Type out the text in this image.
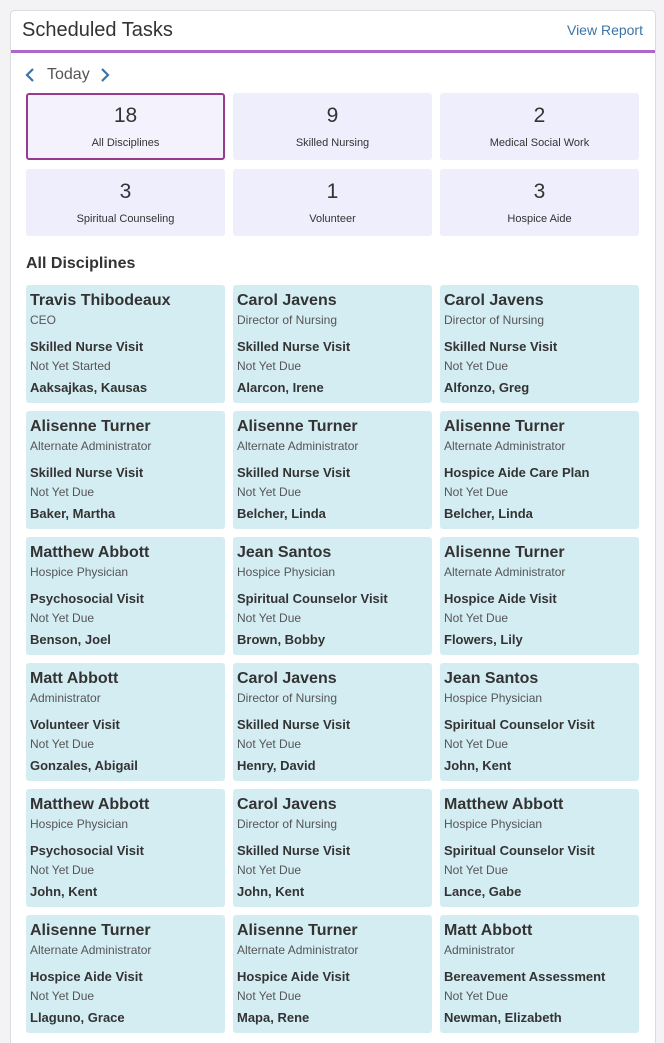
Scheduled Tasks	View Report
Today
18
All Disciplines
9
Skilled Nursing
2
Medical Social Work
3
Spiritual Counseling
1
Volunteer
3
Hospice Aide
All Disciplines
Travis Thibodeaux
CEO
Skilled Nurse Visit
Not Yet Started
Aaksajkas, Kausas
Carol Javens
Director of Nursing
Skilled Nurse Visit
Not Yet Due
Alarcon, Irene
Carol Javens
Director of Nursing
Skilled Nurse Visit
Not Yet Due
Alfonzo, Greg
Alisenne Turner
Alternate Administrator
Skilled Nurse Visit
Not Yet Due
Baker, Martha
Alisenne Turner
Alternate Administrator
Skilled Nurse Visit
Not Yet Due
Belcher, Linda
Alisenne Turner
Alternate Administrator
Hospice Aide Care Plan
Not Yet Due
Belcher, Linda
Matthew Abbott
Hospice Physician
Psychosocial Visit
Not Yet Due
Benson, Joel
Jean Santos
Hospice Physician
Spiritual Counselor Visit
Not Yet Due
Brown, Bobby
Alisenne Turner
Alternate Administrator
Hospice Aide Visit
Not Yet Due
Flowers, Lily
Matt Abbott
Administrator
Volunteer Visit
Not Yet Due
Gonzales, Abigail
Carol Javens
Director of Nursing
Skilled Nurse Visit
Not Yet Due
Henry, David
Jean Santos
Hospice Physician
Spiritual Counselor Visit
Not Yet Due
John, Kent
Matthew Abbott
Hospice Physician
Psychosocial Visit
Not Yet Due
John, Kent
Carol Javens
Director of Nursing
Skilled Nurse Visit
Not Yet Due
John, Kent
Matthew Abbott
Hospice Physician
Spiritual Counselor Visit
Not Yet Due
Lance, Gabe
Alisenne Turner
Alternate Administrator
Hospice Aide Visit
Not Yet Due
Llaguno, Grace
Alisenne Turner
Alternate Administrator
Hospice Aide Visit
Not Yet Due
Mapa, Rene
Matt Abbott
Administrator
Bereavement Assessment
Not Yet Due
Newman, Elizabeth
